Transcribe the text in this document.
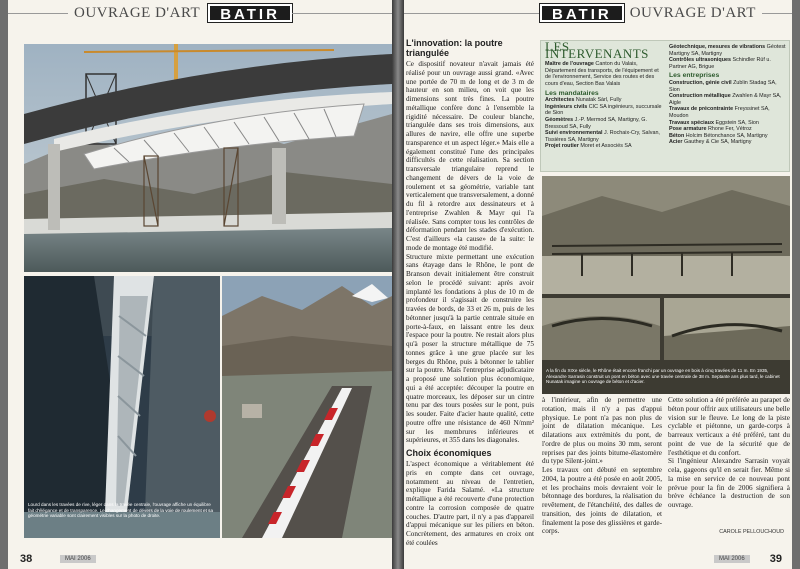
OUVRAGE D'ART	BATIR
Lourd dans les travées de rive, léger dans la travée centrale, l'ouvrage affiche un équilibre fait d'élégance et de transparence. Le changement de dévers de la voie de roulement et sa géométrie variable sont clairement visibles sur la photo de droite.
38	MAI 2006
BATIR	OUVRAGE D'ART
L'innovation: la poutre triangulée

Ce dispositif novateur n'avait jamais été réalisé pour un ouvrage aussi grand. «Avec une portée de 70 m de long et de 3 m de hauteur en son milieu, on voit que les dimensions sont très fines. La poutre métallique confère donc à l'ensemble la rigidité nécessaire. De couleur blanche, triangulée dans ses trois dimensions, aux allures de navire, elle offre une superbe transparence et un aspect léger.» Mais elle a également constitué l'une des principales difficultés de cette réalisation. Sa section transversale triangulaire reprend le changement de dévers de la voie de roulement et sa géométrie, variable tant verticalement que transversalement, a donné du fil à retordre aux dessinateurs et à l'entreprise Zwahlen & Mayr qui l'a réalisée. Sans compter tous les contrôles de déformation pendant les stades d'exécution. C'est d'ailleurs «la cause» de la suite: le mode de montage été modifié.

Structure mixte permettant une exécution sans étayage dans le Rhône, le pont de Branson devait initialement être construit selon le procédé suivant: après avoir implanté les fondations à plus de 10 m de profondeur il s'agissait de construire les travées de bords, de 33 et 26 m, puis de les bétonner jusqu'à la partie centrale située en porte-à-faux, en laissant entre les deux l'espace pour la poutre. Ne restait alors plus qu'à poser la structure métallique de 75 tonnes grâce à une grue placée sur les berges du Rhône, puis à bétonner le tablier sur la poutre. Mais l'entreprise adjudicataire a proposé une solution plus économique, qui a été acceptée: découper la poutre en quatre morceaux, les déposer sur un cintre tenu par des tours posées sur le pont, puis les souder. Faite d'acier haute qualité, cette poutre offre une résistance de 460 N/mm² sur les membrures inférieures et supérieures, et 355 dans les diagonales.

Choix économiques

L'aspect économique a véritablement été pris en compte dans cet ouvrage, notamment au niveau de l'entretien, explique Farida Salamé. «La structure métallique a été recouverte d'une protection contre la corrosion composée de quatre couches. D'autre part, il n'y a pas d'appareil d'appui mécanique sur les piliers en béton. Concrètement, des armatures en croix ont été coulées

LES INTERVENANTS
Maître de l'ouvrage Canton du Valais, Département des transports, de l'équipement et de l'environnement, Service des routes et des cours d'eau, Section Bas Valais
Les mandataires
Architectes Nunatak Sàrl, Fully
Ingénieurs civils CIC SA ingénieurs, succursale de Sion
Géomètres J.-P. Mermod SA, Martigny, G. Bressoud SA, Fully
Suivi environnemental J. Rochaix-Cry, Salvan, Tissières SA, Martigny
Projet routier Moret et Associés SA
Géotechnique, mesures de vibrations Géotest Martigny SA, Martigny
Contrôles ultrasoniques Schindler Rüf u. Partner AG, Brigue
Les entreprises
Construction, génie civil Zublin Stadag SA, Sion
Construction métallique Zwahlen & Mayr SA, Aigle
Travaux de précontrainte Freyssinet SA, Moudon
Travaux spéciaux Eggstein SA, Sion
Pose armature Rhone Fer, Vétroz
Béton Holcim Bétonchance SA, Martigny
Acier Gauthey & Cie SA, Martigny
A la fin du XIXe siècle, le Rhône était encore franchi par un ouvrage en bois à cinq travées de 11 m. En 1935, Alexandre Sarrasin construit un pont en béton avec une travée centrale de 38 m. Septante ans plus tard, le cabinet Nunatak imagine un ouvrage de béton et d'acier.
à l'intérieur, afin de permettre une rotation, mais il n'y a pas d'appui physique. Le pont n'a pas non plus de joint de dilatation mécanique. Les dilatations aux extrémités du pont, de l'ordre de plus ou moins 30 mm, seront reprises par des joints bitume-élastomère du type Silent-joint.»
Les travaux ont débuté en septembre 2004, la poutre a été posée en août 2005, et les prochains mois devraient voir le bétonnage des bordures, la réalisation du revêtement, de l'étanchéité, des dalles de transition, des joints de dilatation, et finalement la pose des glissières et garde-corps.
Cette solution a été préférée au parapet de béton pour offrir aux utilisateurs une belle vision sur le fleuve. Le long de la piste cyclable et piétonne, un garde-corps à barreaux verticaux a été préféré, tant du point de vue de la sécurité que de l'esthétique et du confort.
Si l'ingénieur Alexandre Sarrasin voyait cela, gageons qu'il en serait fier. Même si la mise en service de ce nouveau pont prévue pour la fin de 2006 signifiera à brève échéance la destruction de son ouvrage.
CAROLE PELLOUCHOUD
MAI 2006	39
